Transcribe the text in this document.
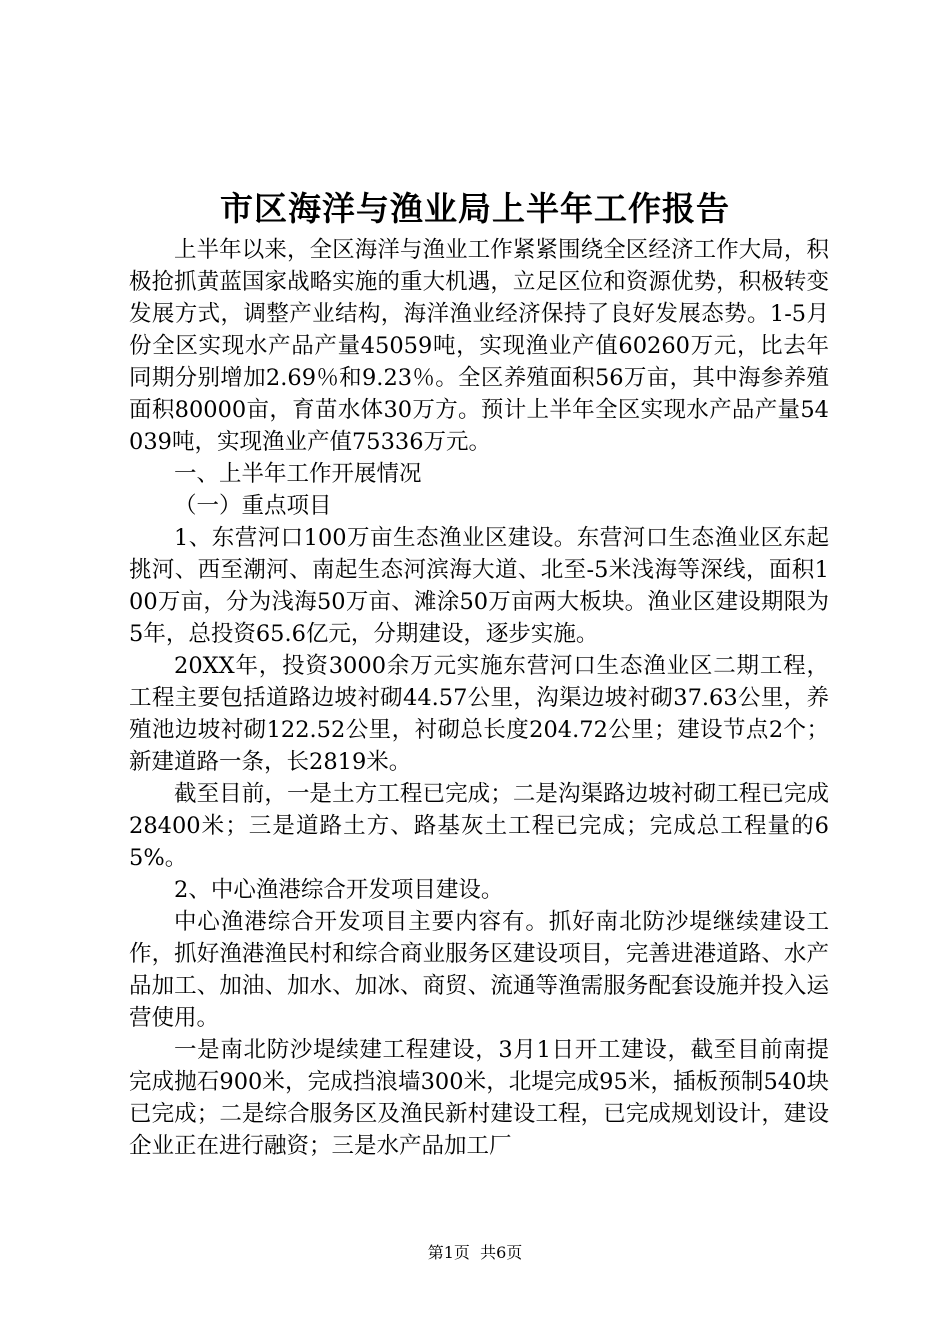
市区海洋与渔业局上半年工作报告

上半年以来，全区海洋与渔业工作紧紧围绕全区经济工作大局，积极抢抓黄蓝国家战略实施的重大机遇，立足区位和资源优势，积极转变发展方式，调整产业结构，海洋渔业经济保持了良好发展态势。1-5月份全区实现水产品产量45059吨，实现渔业产值60260万元，比去年同期分别增加2.69％和9.23％。全区养殖面积56万亩，其中海参养殖面积80000亩，育苗水体30万方。预计上半年全区实现水产品产量54039吨，实现渔业产值75336万元。

一、上半年工作开展情况

（一）重点项目

1、东营河口100万亩生态渔业区建设。东营河口生态渔业区东起挑河、西至潮河、南起生态河滨海大道、北至-5米浅海等深线，面积100万亩，分为浅海50万亩、滩涂50万亩两大板块。渔业区建设期限为5年，总投资65.6亿元，分期建设，逐步实施。

20XX年，投资3000余万元实施东营河口生态渔业区二期工程，工程主要包括道路边坡衬砌44.57公里，沟渠边坡衬砌37.63公里，养殖池边坡衬砌122.52公里，衬砌总长度204.72公里；建设节点2个；新建道路一条，长2819米。

截至目前，一是土方工程已完成；二是沟渠路边坡衬砌工程已完成28400米；三是道路土方、路基灰土工程已完成；完成总工程量的65%。

2、中心渔港综合开发项目建设。

中心渔港综合开发项目主要内容有。抓好南北防沙堤继续建设工作，抓好渔港渔民村和综合商业服务区建设项目，完善进港道路、水产品加工、加油、加水、加冰、商贸、流通等渔需服务配套设施并投入运营使用。

一是南北防沙堤续建工程建设，3月1日开工建设，截至目前南提完成抛石900米，完成挡浪墙300米，北堤完成95米，插板预制540块已完成；二是综合服务区及渔民新村建设工程，已完成规划设计，建设企业正在进行融资；三是水产品加工厂

第1页  共6页
